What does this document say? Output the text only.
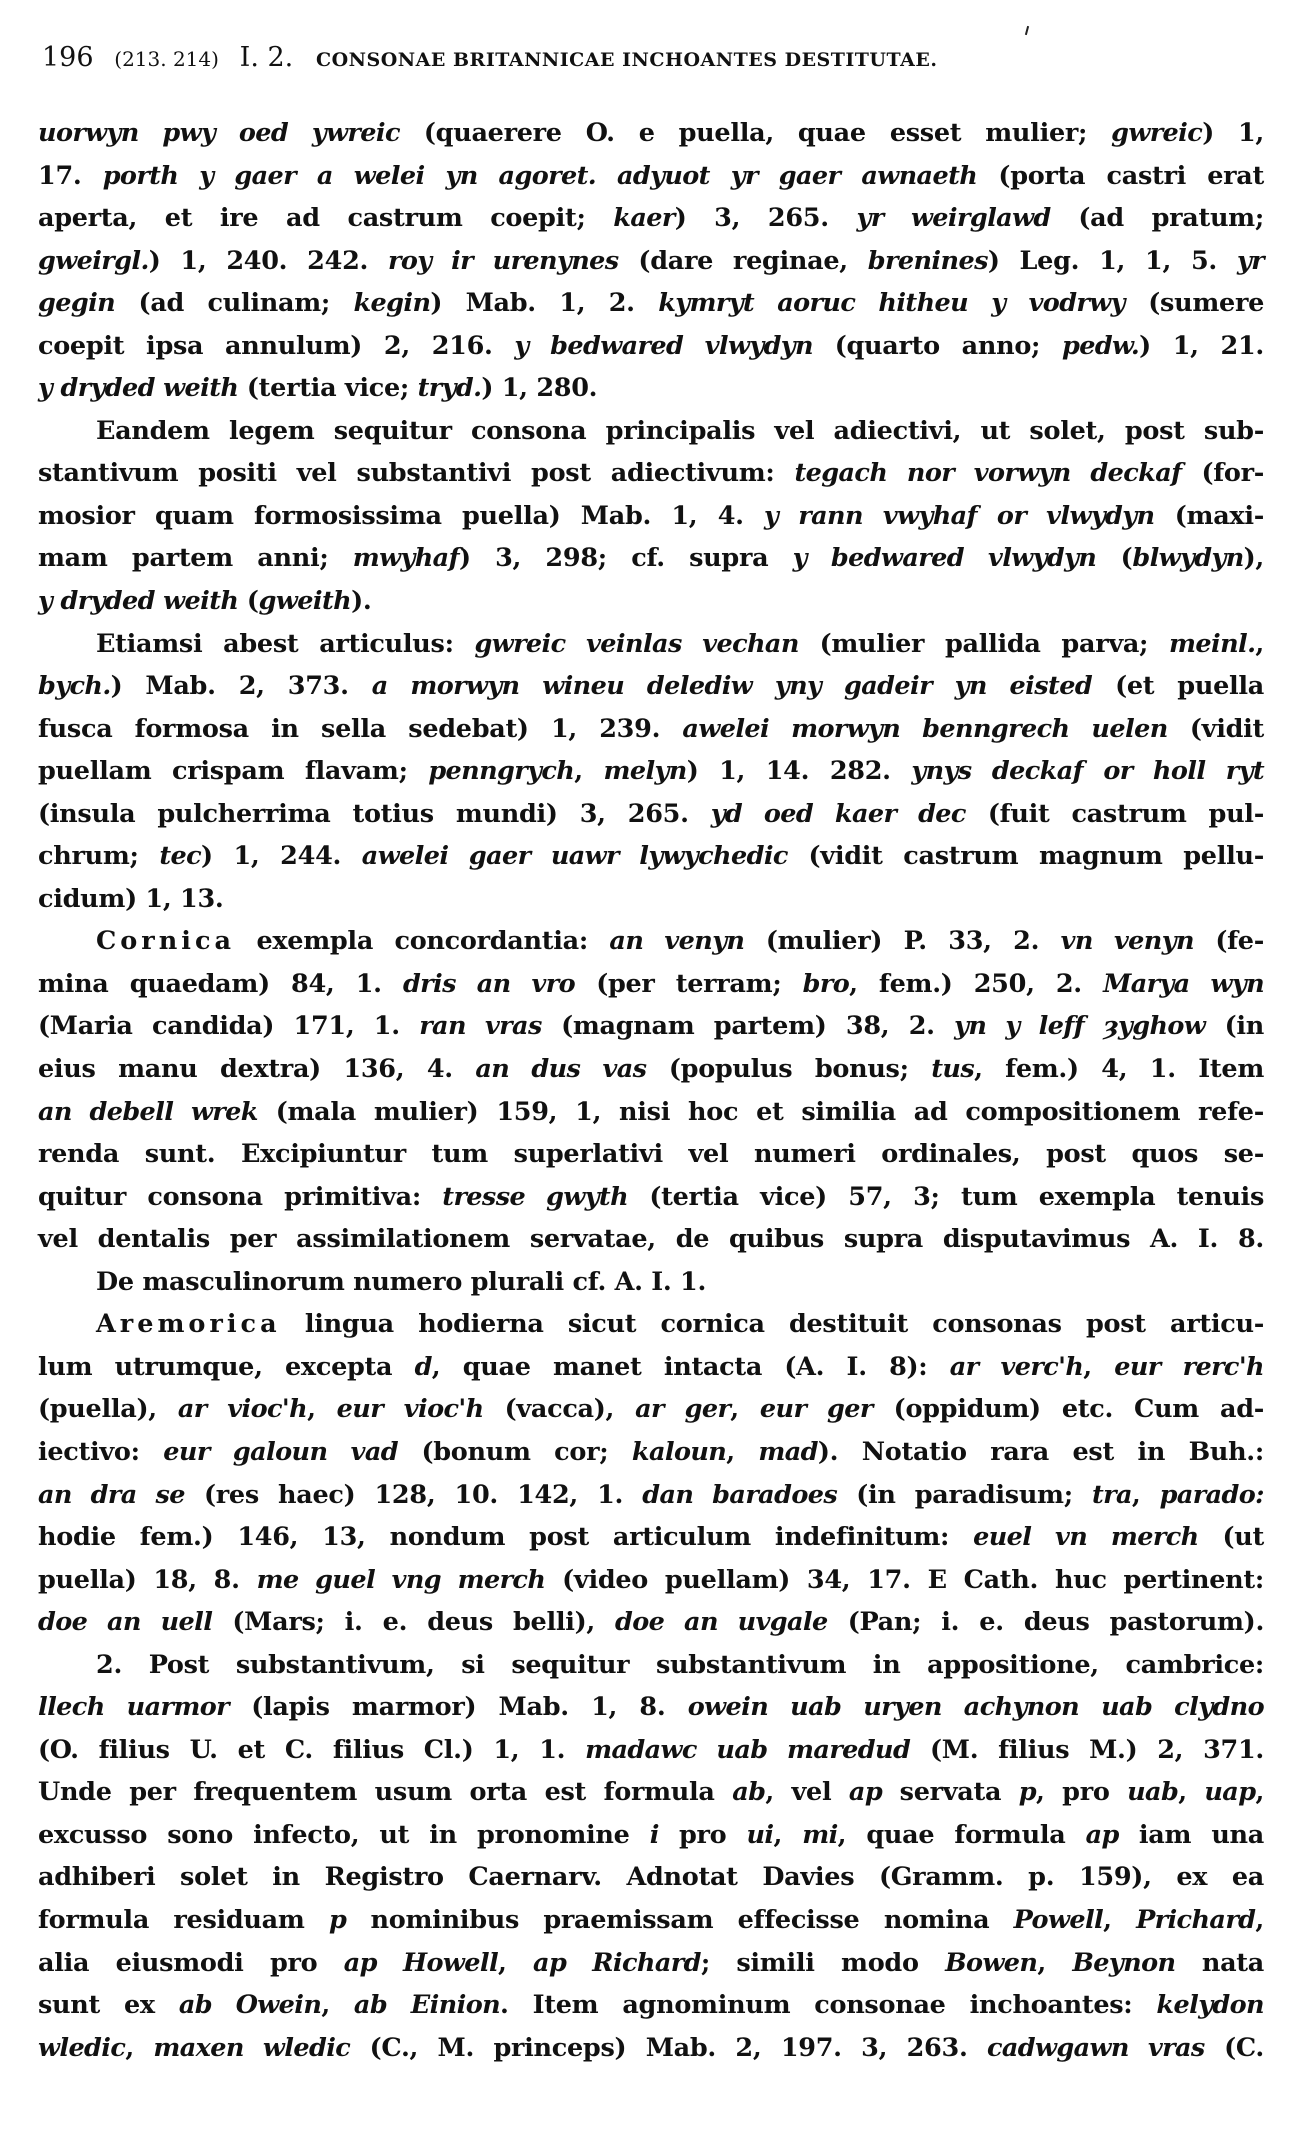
196 (213. 214) I. 2. CONSONAE BRITANNICAE INCHOANTES DESTITUTAE.
uorwyn pwy oed ywreic (quaerere O. e puella, quae esset mulier; gwreic) 1,
17. porth y gaer a welei yn agoret. adyuot yr gaer awnaeth (porta castri erat
aperta, et ire ad castrum coepit; kaer) 3, 265. yr weirglawd (ad pratum;
gweirgl.) 1, 240. 242. roy ir urenynes (dare reginae, brenines) Leg. 1, 1, 5. yr
gegin (ad culinam; kegin) Mab. 1, 2. kymryt aoruc hitheu y vodrwy (sumere
coepit ipsa annulum) 2, 216. y bedwared vlwydyn (quarto anno; pedw.) 1, 21.
y dryded weith (tertia vice; tryd.) 1, 280.
Eandem legem sequitur consona principalis vel adiectivi, ut solet, post sub-
stantivum positi vel substantivi post adiectivum: tegach nor vorwyn deckaf (for-
mosior quam formosissima puella) Mab. 1, 4. y rann vwyhaf or vlwydyn (maxi-
mam partem anni; mwyhaf) 3, 298; cf. supra y bedwared vlwydyn (blwydyn),
y dryded weith (gweith).
Etiamsi abest articulus: gwreic veinlas vechan (mulier pallida parva; meinl.,
bych.) Mab. 2, 373. a morwyn wineu delediw yny gadeir yn eisted (et puella
fusca formosa in sella sedebat) 1, 239. awelei morwyn benngrech uelen (vidit
puellam crispam flavam; penngrych, melyn) 1, 14. 282. ynys deckaf or holl ryt
(insula pulcherrima totius mundi) 3, 265. yd oed kaer dec (fuit castrum pul-
chrum; tec) 1, 244. awelei gaer uawr lywychedic (vidit castrum magnum pellu-
cidum) 1, 13.
Cornica exempla concordantia: an venyn (mulier) P. 33, 2. vn venyn (fe-
mina quaedam) 84, 1. dris an vro (per terram; bro, fem.) 250, 2. Marya wyn
(Maria candida) 171, 1. ran vras (magnam partem) 38, 2. yn y leff ȝyghow (in
eius manu dextra) 136, 4. an dus vas (populus bonus; tus, fem.) 4, 1. Item
an debell wrek (mala mulier) 159, 1, nisi hoc et similia ad compositionem refe-
renda sunt. Excipiuntur tum superlativi vel numeri ordinales, post quos se-
quitur consona primitiva: tresse gwyth (tertia vice) 57, 3; tum exempla tenuis
vel dentalis per assimilationem servatae, de quibus supra disputavimus A. I. 8.
De masculinorum numero plurali cf. A. I. 1.
Aremorica lingua hodierna sicut cornica destituit consonas post articu-
lum utrumque, excepta d, quae manet intacta (A. I. 8): ar verc'h, eur rerc'h
(puella), ar vioc'h, eur vioc'h (vacca), ar ger, eur ger (oppidum) etc. Cum ad-
iectivo: eur galoun vad (bonum cor; kaloun, mad). Notatio rara est in Buh.:
an dra se (res haec) 128, 10. 142, 1. dan baradoes (in paradisum; tra, parado:
hodie fem.) 146, 13, nondum post articulum indefinitum: euel vn merch (ut
puella) 18, 8. me guel vng merch (video puellam) 34, 17. E Cath. huc pertinent:
doe an uell (Mars; i. e. deus belli), doe an uvgale (Pan; i. e. deus pastorum).
2. Post substantivum, si sequitur substantivum in appositione, cambrice:
llech uarmor (lapis marmor) Mab. 1, 8. owein uab uryen achynon uab clydno
(O. filius U. et C. filius Cl.) 1, 1. madawc uab maredud (M. filius M.) 2, 371.
Unde per frequentem usum orta est formula ab, vel ap servata p, pro uab, uap,
excusso sono infecto, ut in pronomine i pro ui, mi, quae formula ap iam una
adhiberi solet in Registro Caernarv. Adnotat Davies (Gramm. p. 159), ex ea
formula residuam p nominibus praemissam effecisse nomina Powell, Prichard,
alia eiusmodi pro ap Howell, ap Richard; simili modo Bowen, Beynon nata
sunt ex ab Owein, ab Einion. Item agnominum consonae inchoantes: kelydon
wledic, maxen wledic (C., M. princeps) Mab. 2, 197. 3, 263. cadwgawn vras (C.
